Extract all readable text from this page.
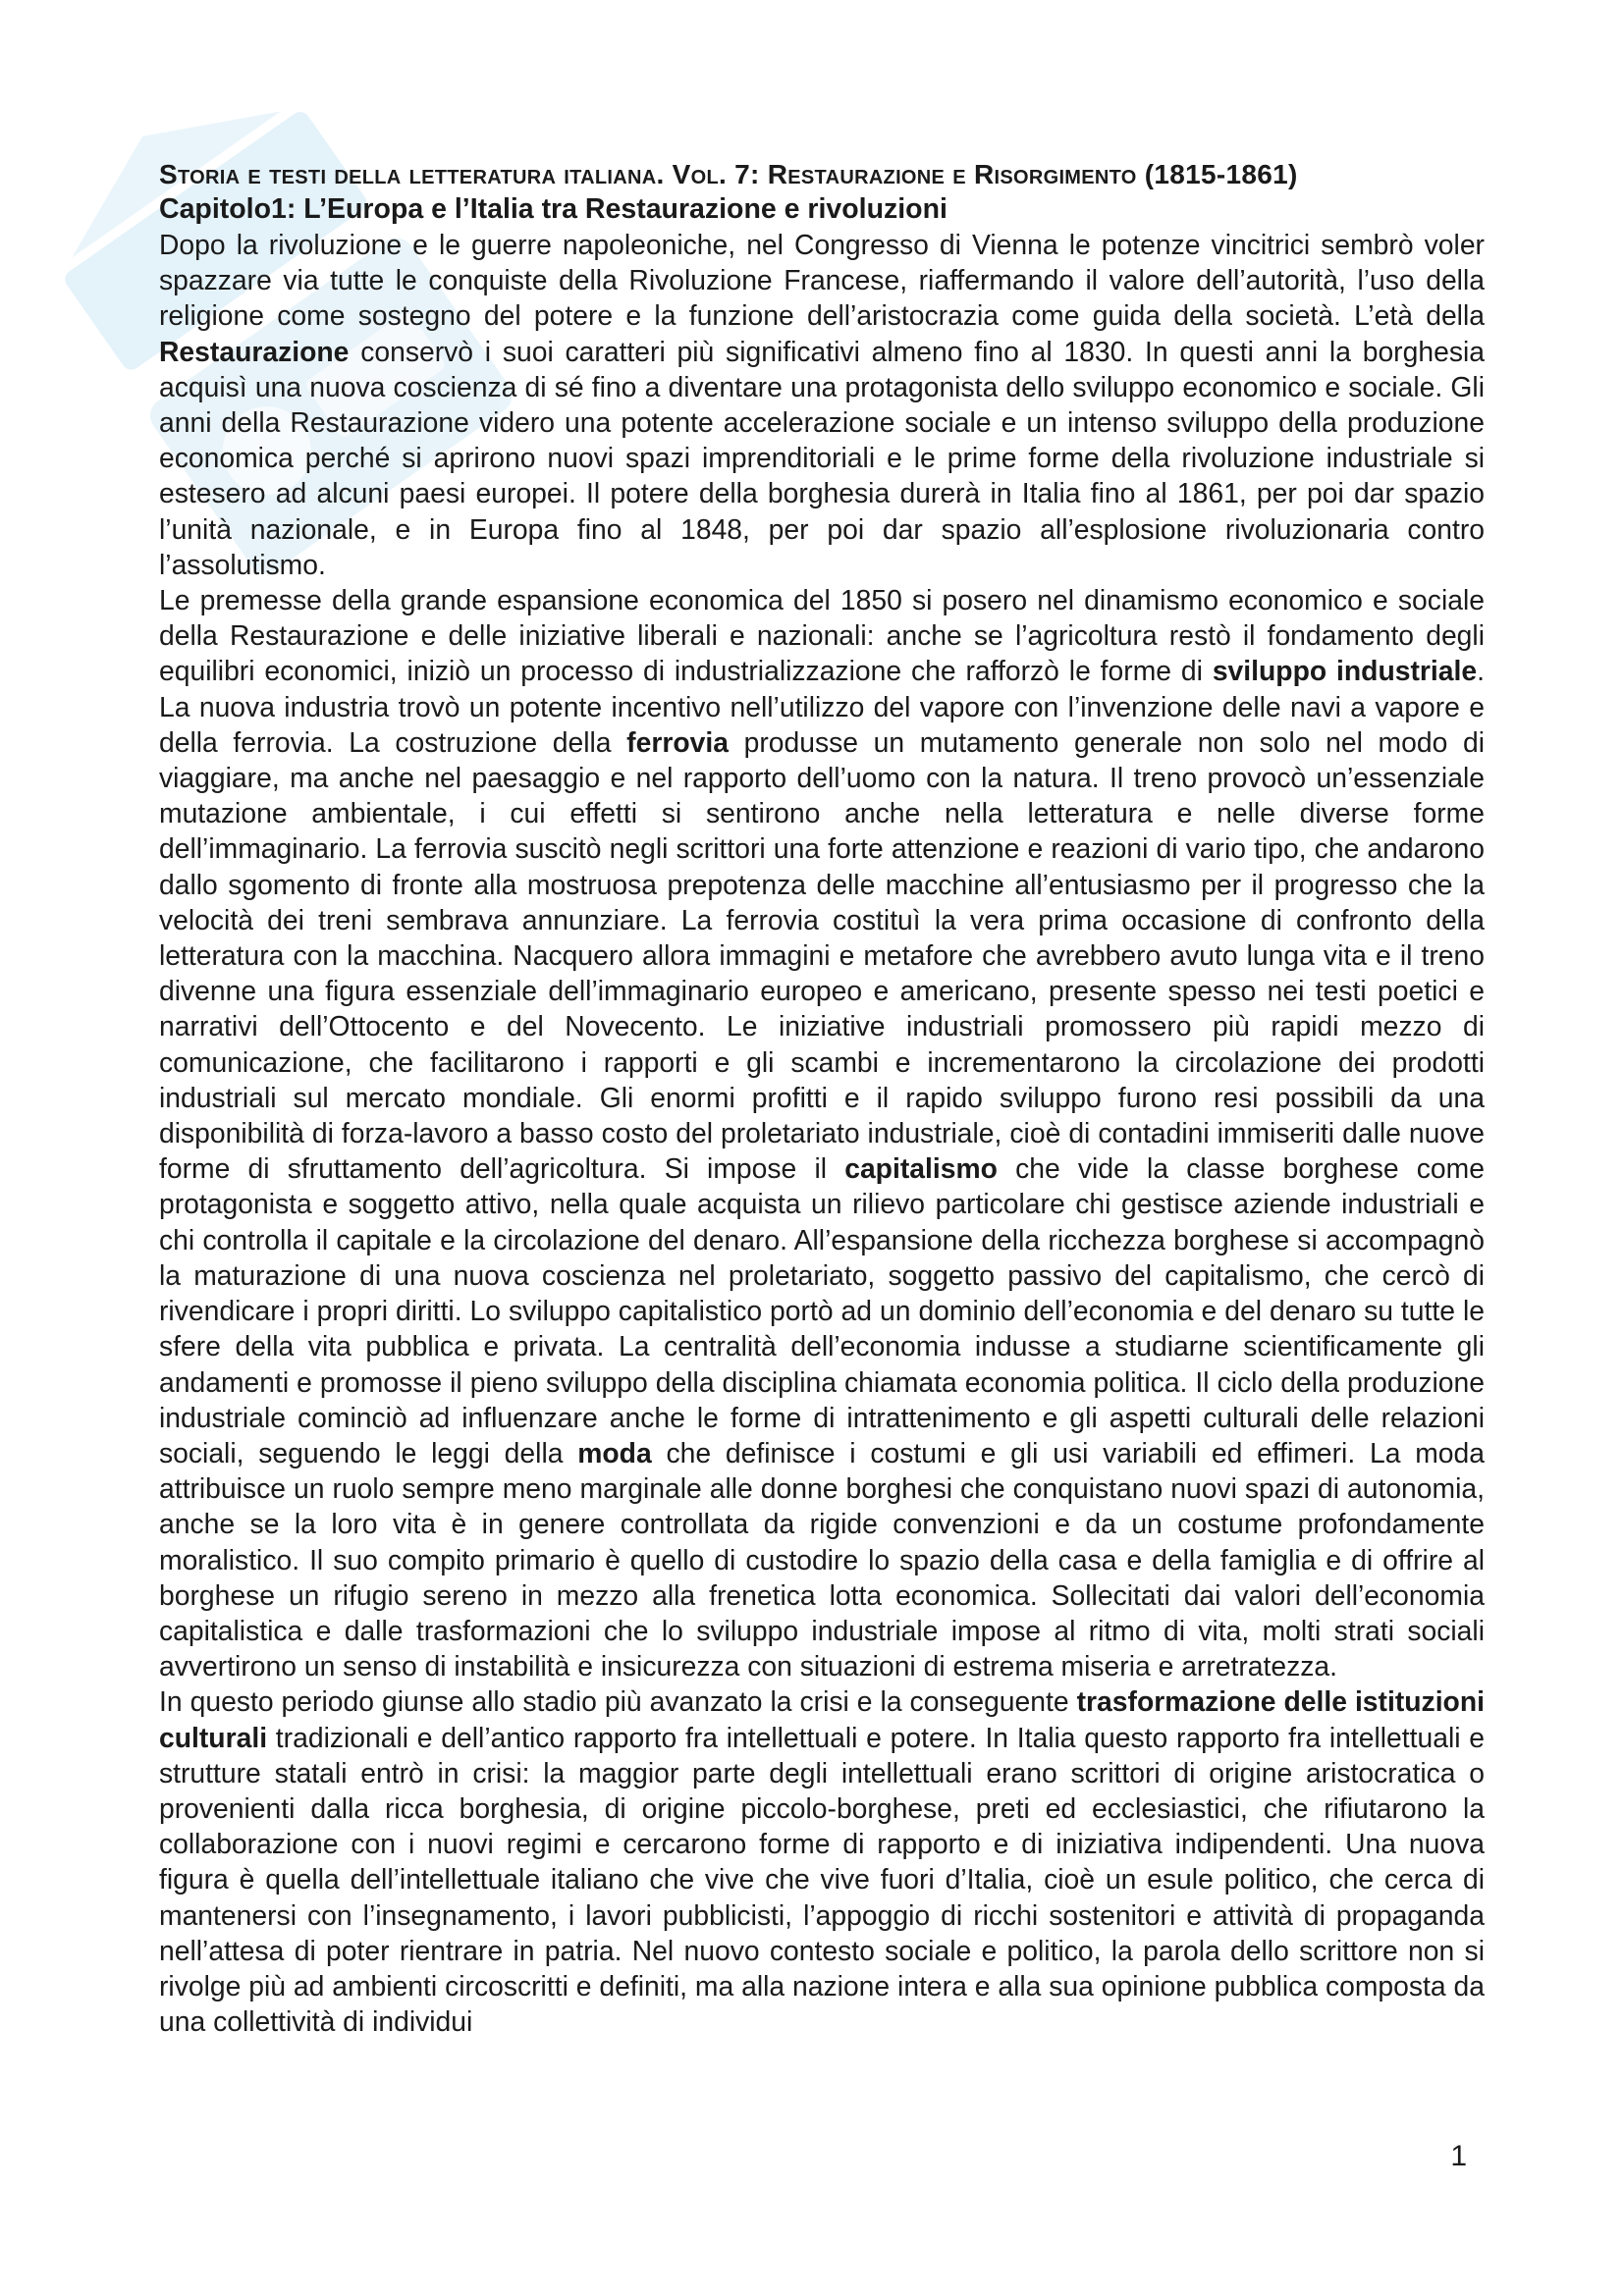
Storia e testi della letteratura italiana. Vol. 7: Restaurazione e Risorgimento (1815-1861)

Capitolo1: L’Europa e l’Italia tra Restaurazione e rivoluzioni

Dopo la rivoluzione e le guerre napoleoniche, nel Congresso di Vienna le potenze vincitrici sembrò voler spazzare via tutte le conquiste della Rivoluzione Francese, riaffermando il valore dell’autorità, l’uso della religione come sostegno del potere e la funzione dell’aristocrazia come guida della società. L’età della Restaurazione conservò i suoi caratteri più significativi almeno fino al 1830. In questi anni la borghesia acquisì una nuova coscienza di sé fino a diventare una protagonista dello sviluppo economico e sociale. Gli anni della Restaurazione videro una potente accelerazione sociale e un intenso sviluppo della produzione economica perché si aprirono nuovi spazi imprenditoriali e le prime forme della rivoluzione industriale si estesero ad alcuni paesi europei. Il potere della borghesia durerà in Italia fino al 1861, per poi dar spazio l’unità nazionale, e in Europa fino al 1848, per poi dar spazio all’esplosione rivoluzionaria contro l’assolutismo.

Le premesse della grande espansione economica del 1850 si posero nel dinamismo economico e sociale della Restaurazione e delle iniziative liberali e nazionali: anche se l’agricoltura restò il fondamento degli equilibri economici, iniziò un processo di industrializzazione che rafforzò le forme di sviluppo industriale. La nuova industria trovò un potente incentivo nell’utilizzo del vapore con l’invenzione delle navi a vapore e della ferrovia. La costruzione della ferrovia produsse un mutamento generale non solo nel modo di viaggiare, ma anche nel paesaggio e nel rapporto dell’uomo con la natura. Il treno provocò un’essenziale mutazione ambientale, i cui effetti si sentirono anche nella letteratura e nelle diverse forme dell’immaginario. La ferrovia suscitò negli scrittori una forte attenzione e reazioni di vario tipo, che andarono dallo sgomento di fronte alla mostruosa prepotenza delle macchine all’entusiasmo per il progresso che la velocità dei treni sembrava annunziare. La ferrovia costituì la vera prima occasione di confronto della letteratura con la macchina. Nacquero allora immagini e metafore che avrebbero avuto lunga vita e il treno divenne una figura essenziale dell’immaginario europeo e americano, presente spesso nei testi poetici e narrativi dell’Ottocento e del Novecento. Le iniziative industriali promossero più rapidi mezzo di comunicazione, che facilitarono i rapporti e gli scambi e incrementarono la circolazione dei prodotti industriali sul mercato mondiale. Gli enormi profitti e il rapido sviluppo furono resi possibili da una disponibilità di forza-lavoro a basso costo del proletariato industriale, cioè di contadini immiseriti dalle nuove forme di sfruttamento dell’agricoltura. Si impose il capitalismo che vide la classe borghese come protagonista e soggetto attivo, nella quale acquista un rilievo particolare chi gestisce aziende industriali e chi controlla il capitale e la circolazione del denaro. All’espansione della ricchezza borghese si accompagnò la maturazione di una nuova coscienza nel proletariato, soggetto passivo del capitalismo, che cercò di rivendicare i propri diritti. Lo sviluppo capitalistico portò ad un dominio dell’economia e del denaro su tutte le sfere della vita pubblica e privata. La centralità dell’economia indusse a studiarne scientificamente gli andamenti e promosse il pieno sviluppo della disciplina chiamata economia politica. Il ciclo della produzione industriale cominciò ad influenzare anche le forme di intrattenimento e gli aspetti culturali delle relazioni sociali, seguendo le leggi della moda che definisce i costumi e gli usi variabili ed effimeri. La moda attribuisce un ruolo sempre meno marginale alle donne borghesi che conquistano nuovi spazi di autonomia, anche se la loro vita è in genere controllata da rigide convenzioni e da un costume profondamente moralistico. Il suo compito primario è quello di custodire lo spazio della casa e della famiglia e di offrire al borghese un rifugio sereno in mezzo alla frenetica lotta economica. Sollecitati dai valori dell’economia capitalistica e dalle trasformazioni che lo sviluppo industriale impose al ritmo di vita, molti strati sociali avvertirono un senso di instabilità e insicurezza con situazioni di estrema miseria e arretratezza.

In questo periodo giunse allo stadio più avanzato la crisi e la conseguente trasformazione delle istituzioni culturali tradizionali e dell’antico rapporto fra intellettuali e potere. In Italia questo rapporto fra intellettuali e strutture statali entrò in crisi: la maggior parte degli intellettuali erano scrittori di origine aristocratica o provenienti dalla ricca borghesia, di origine piccolo-borghese, preti ed ecclesiastici, che rifiutarono la collaborazione con i nuovi regimi e cercarono forme di rapporto e di iniziativa indipendenti. Una nuova figura è quella dell’intellettuale italiano che vive che vive fuori d’Italia, cioè un esule politico, che cerca di mantenersi con l’insegnamento, i lavori pubblicisti, l’appoggio di ricchi sostenitori e attività di propaganda nell’attesa di poter rientrare in patria. Nel nuovo contesto sociale e politico, la parola dello scrittore non si rivolge più ad ambienti circoscritti e definiti, ma alla nazione intera e alla sua opinione pubblica composta da una collettività di individui

1
